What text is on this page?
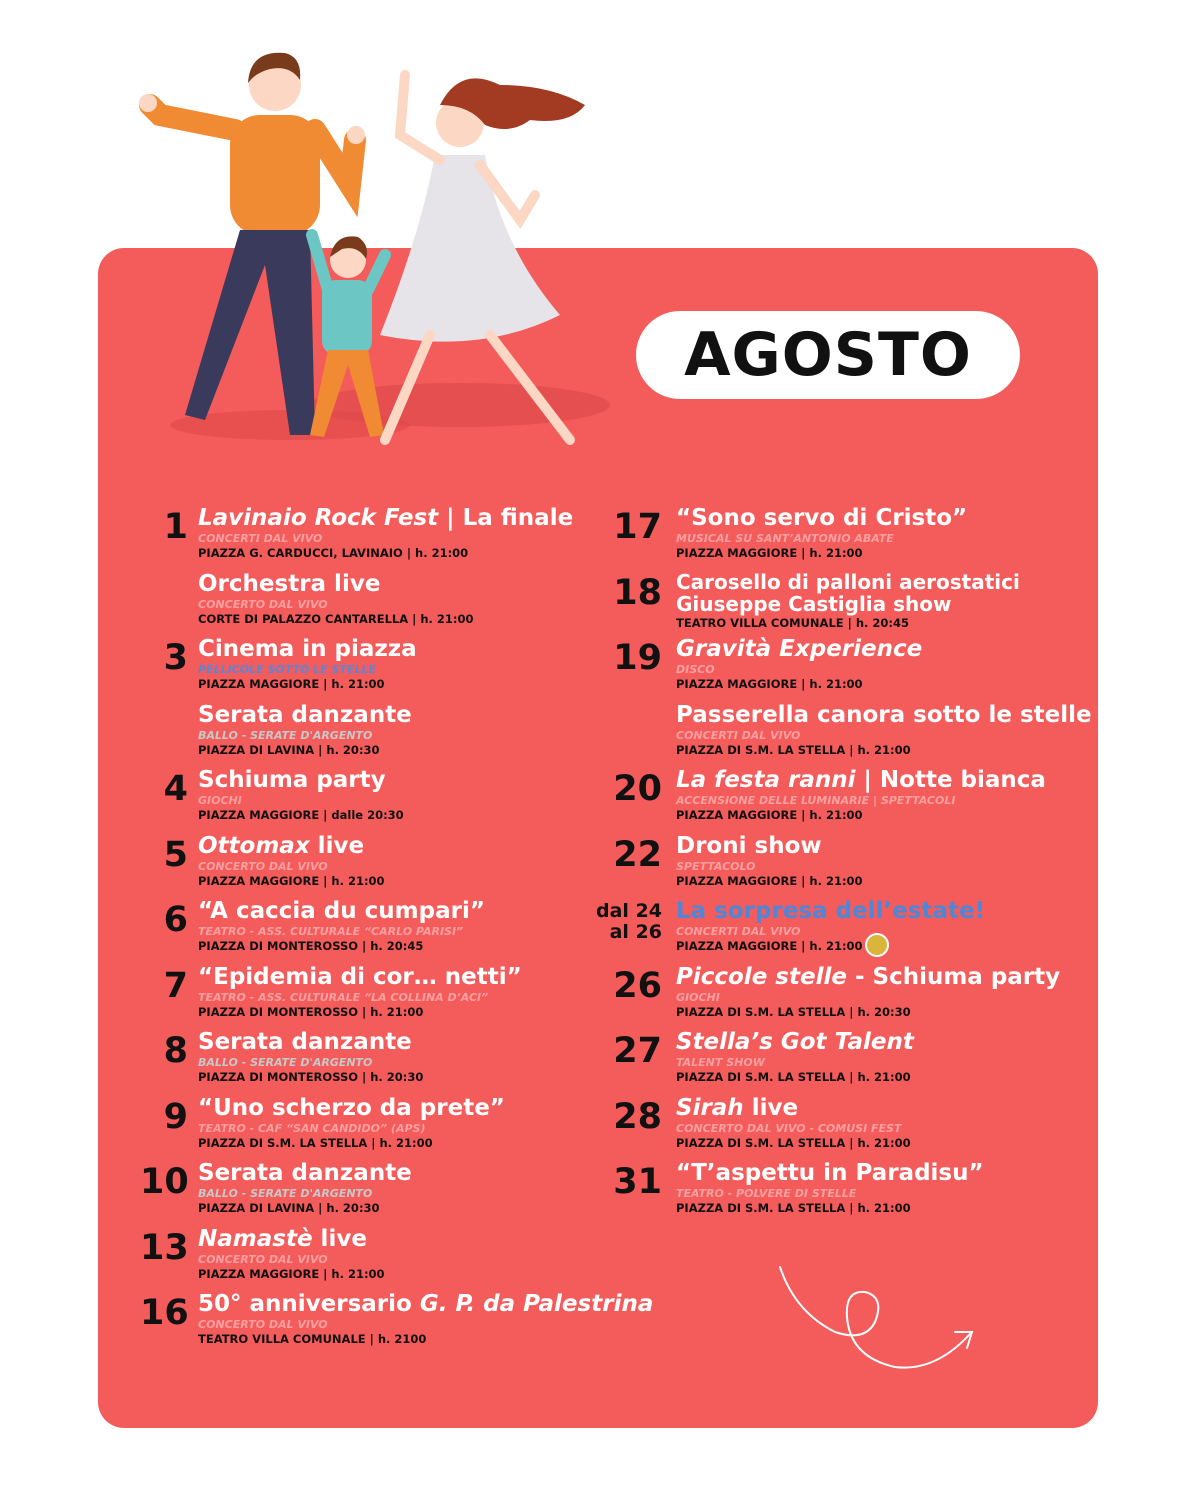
AGOSTO
1 Lavinaio Rock Fest | La finale
CONCERTI DAL VIVO
PIAZZA G. CARDUCCI, LAVINAIO | h. 21:00
Orchestra live
CONCERTO DAL VIVO
CORTE DI PALAZZO CANTARELLA | h. 21:00
3 Cinema in piazza
PELLICOLE SOTTO LE STELLE
PIAZZA MAGGIORE | h. 21:00
Serata danzante
BALLO - SERATE D'ARGENTO
PIAZZA DI LAVINA | h. 20:30
4 Schiuma party
GIOCHI
PIAZZA MAGGIORE | dalle 20:30
5 Ottomax live
CONCERTO DAL VIVO
PIAZZA MAGGIORE | h. 21:00
6 “A caccia du cumpari”
TEATRO - ASS. CULTURALE “CARLO PARISI”
PIAZZA DI MONTEROSSO | h. 20:45
7 “Epidemia di cor… netti”
TEATRO - ASS. CULTURALE “LA COLLINA D’ACI”
PIAZZA DI MONTEROSSO | h. 21:00
8 Serata danzante
BALLO - SERATE D'ARGENTO
PIAZZA DI MONTEROSSO | h. 20:30
9 “Uno scherzo da prete”
TEATRO - CAF “SAN CANDIDO” (APS)
PIAZZA DI S.M. LA STELLA | h. 21:00
10 Serata danzante
BALLO - SERATE D'ARGENTO
PIAZZA DI LAVINA | h. 20:30
13 Namastè live
CONCERTO DAL VIVO
PIAZZA MAGGIORE | h. 21:00
16 50° anniversario G. P. da Palestrina
CONCERTO DAL VIVO
TEATRO VILLA COMUNALE | h. 2100
17 “Sono servo di Cristo”
MUSICAL SU SANT’ANTONIO ABATE
PIAZZA MAGGIORE | h. 21:00
18 Carosello di palloni aerostatici
Giuseppe Castiglia show
TEATRO VILLA COMUNALE | h. 20:45
19 Gravità Experience
DISCO
PIAZZA MAGGIORE | h. 21:00
Passerella canora sotto le stelle
CONCERTI DAL VIVO
PIAZZA DI S.M. LA STELLA | h. 21:00
20 La festa ranni | Notte bianca
ACCENSIONE DELLE LUMINARIE | SPETTACOLI
PIAZZA MAGGIORE | h. 21:00
22 Droni show
SPETTACOLO
PIAZZA MAGGIORE | h. 21:00
dal 24
al 26
La sorpresa dell’estate!
CONCERTI DAL VIVO
PIAZZA MAGGIORE | h. 21:00
26 Piccole stelle - Schiuma party
GIOCHI
PIAZZA DI S.M. LA STELLA | h. 20:30
27 Stella’s Got Talent
TALENT SHOW
PIAZZA DI S.M. LA STELLA | h. 21:00
28 Sirah live
CONCERTO DAL VIVO - COMUSI FEST
PIAZZA DI S.M. LA STELLA | h. 21:00
31 “T’aspettu in Paradisu”
TEATRO - POLVERE DI STELLE
PIAZZA DI S.M. LA STELLA | h. 21:00
